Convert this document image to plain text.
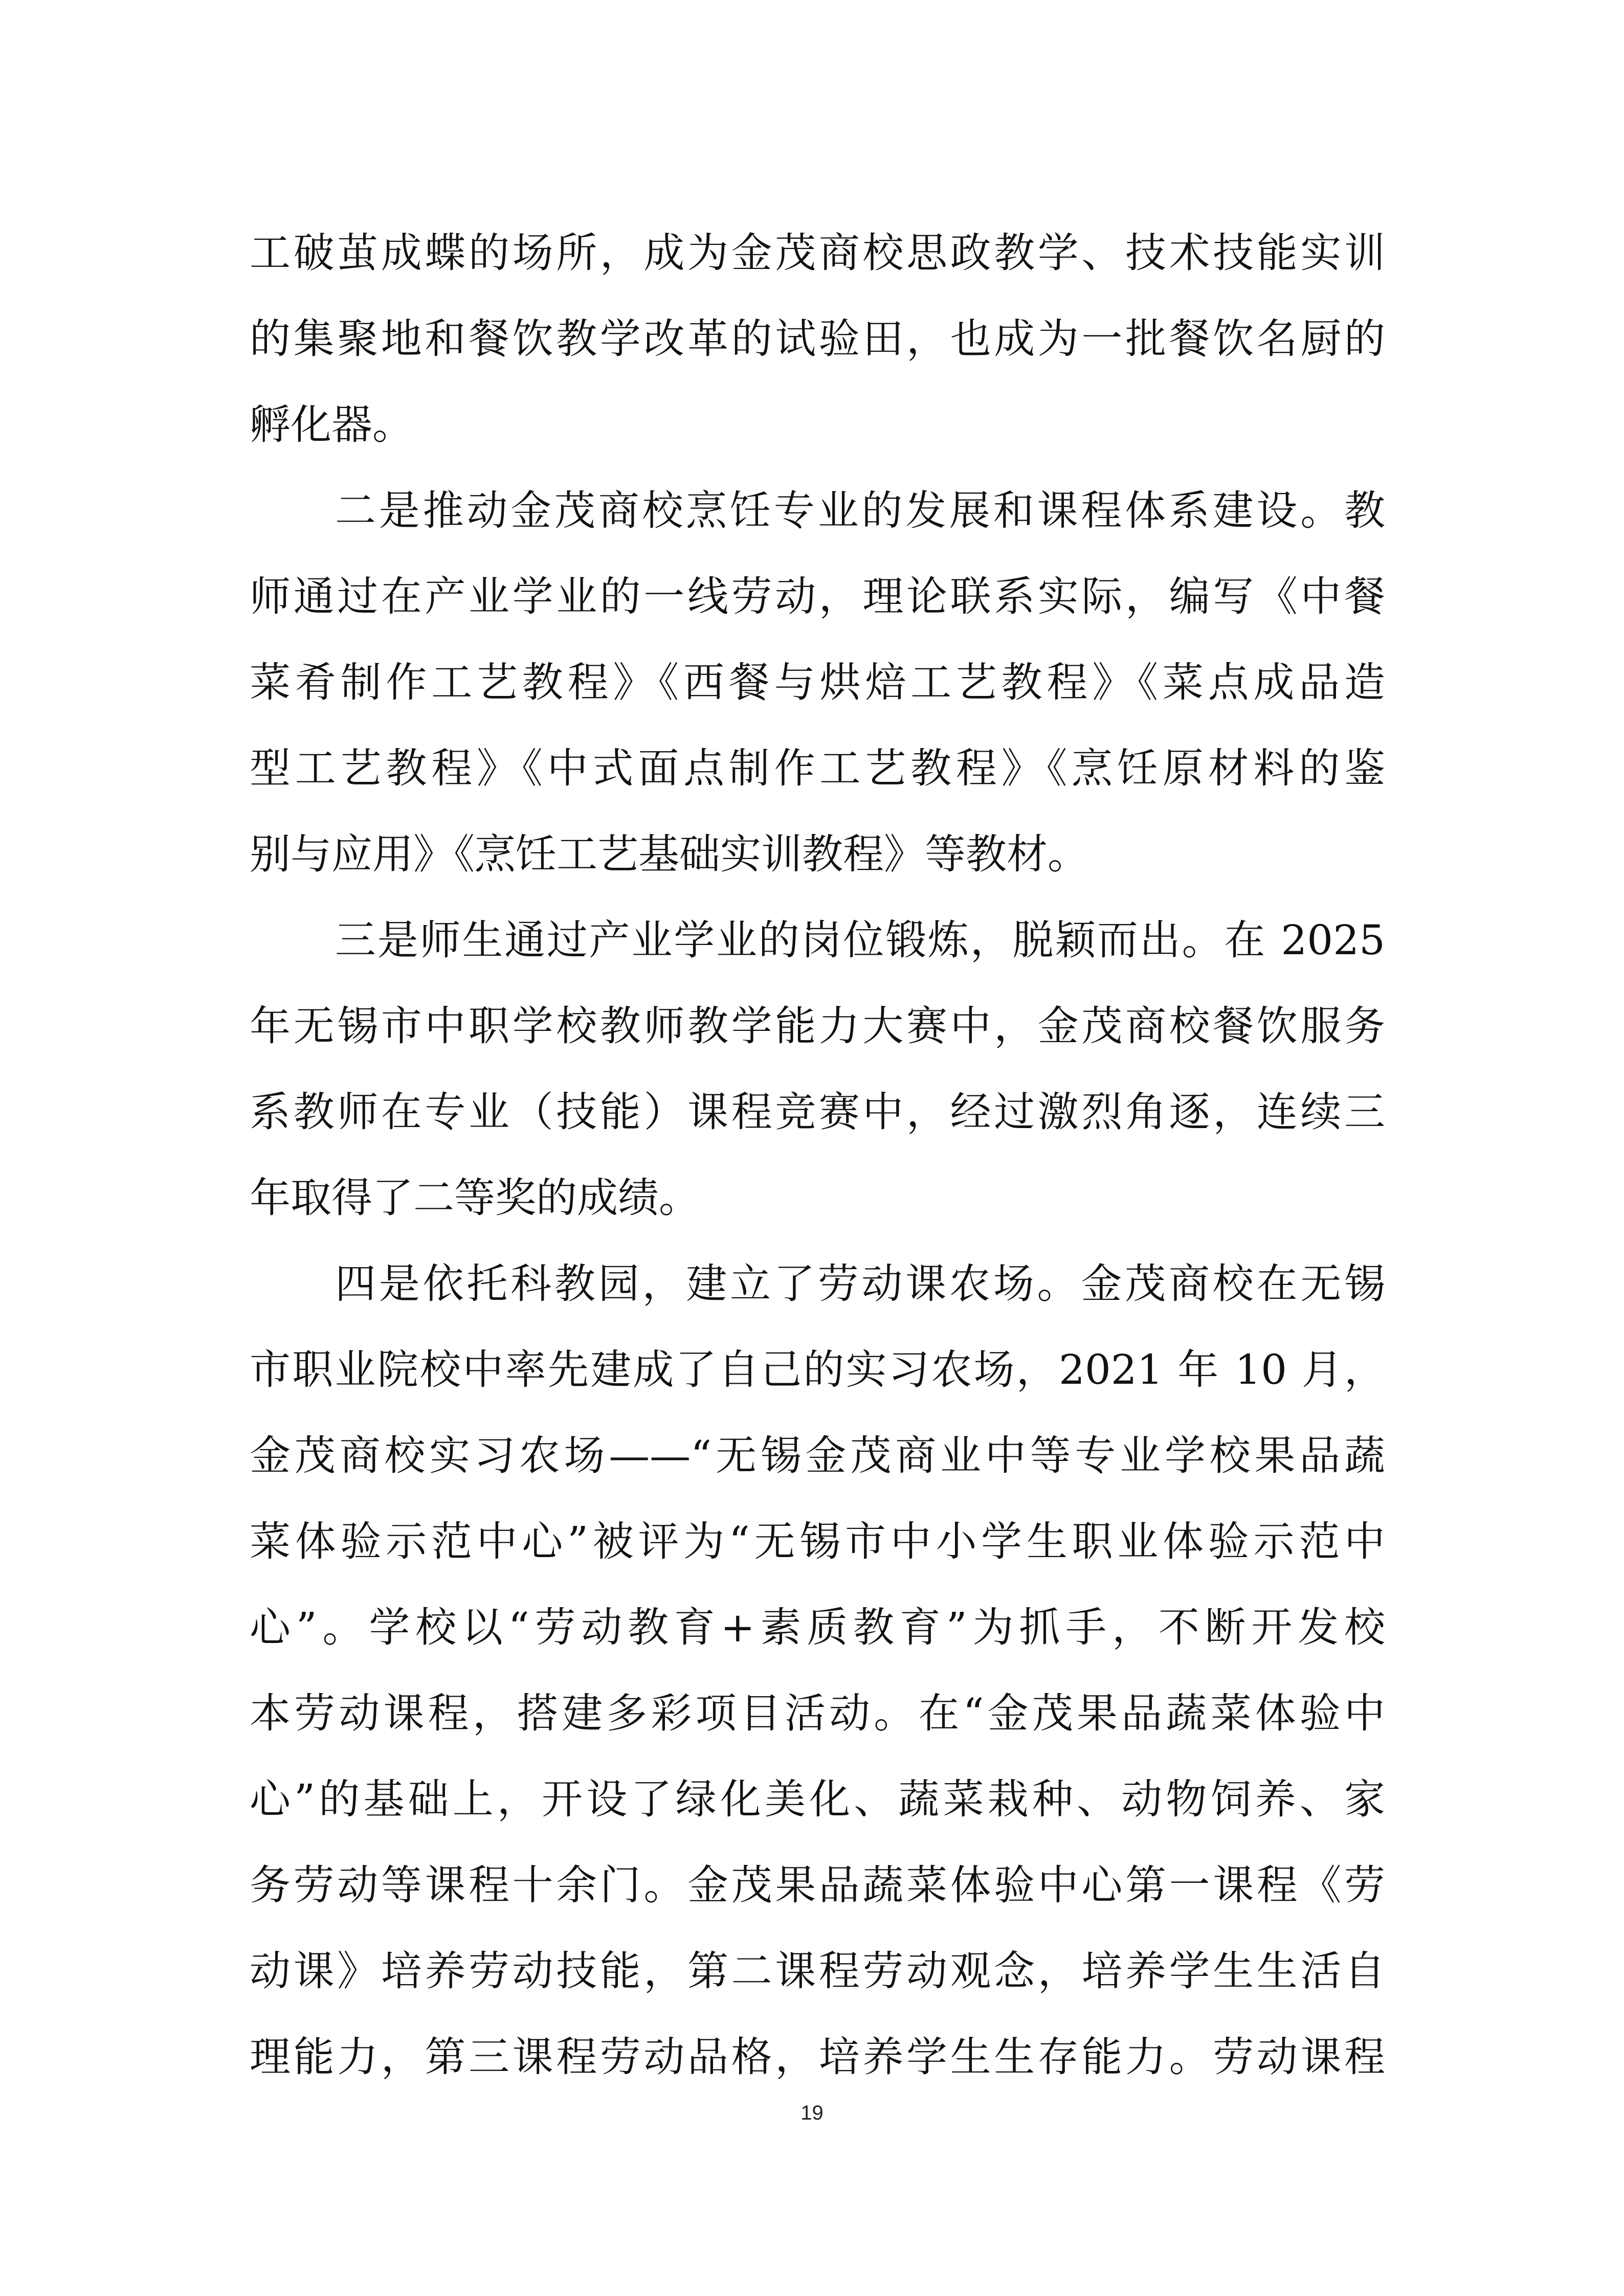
工破茧成蝶的场所，成为金茂商校思政教学、技术技能实训
的集聚地和餐饮教学改革的试验田，也成为一批餐饮名厨的
孵化器。
二是推动金茂商校烹饪专业的发展和课程体系建设。教
师通过在产业学业的一线劳动，理论联系实际，编写《中餐
菜肴制作工艺教程》《西餐与烘焙工艺教程》《菜点成品造
型工艺教程》《中式面点制作工艺教程》《烹饪原材料的鉴
别与应用》《烹饪工艺基础实训教程》等教材。
三是师生通过产业学业的岗位锻炼，脱颖而出。在 2025
年无锡市中职学校教师教学能力大赛中，金茂商校餐饮服务
系教师在专业（技能）课程竞赛中，经过激烈角逐，连续三
年取得了二等奖的成绩。
四是依托科教园，建立了劳动课农场。金茂商校在无锡
市职业院校中率先建成了自己的实习农场，2021 年 10 月，
金茂商校实习农场——“无锡金茂商业中等专业学校果品蔬
菜体验示范中心”被评为“无锡市中小学生职业体验示范中
心”。学校以“劳动教育+素质教育”为抓手，不断开发校
本劳动课程，搭建多彩项目活动。在“金茂果品蔬菜体验中
心”的基础上，开设了绿化美化、蔬菜栽种、动物饲养、家
务劳动等课程十余门。金茂果品蔬菜体验中心第一课程《劳
动课》培养劳动技能，第二课程劳动观念，培养学生生活自
理能力，第三课程劳动品格，培养学生生存能力。劳动课程
19
